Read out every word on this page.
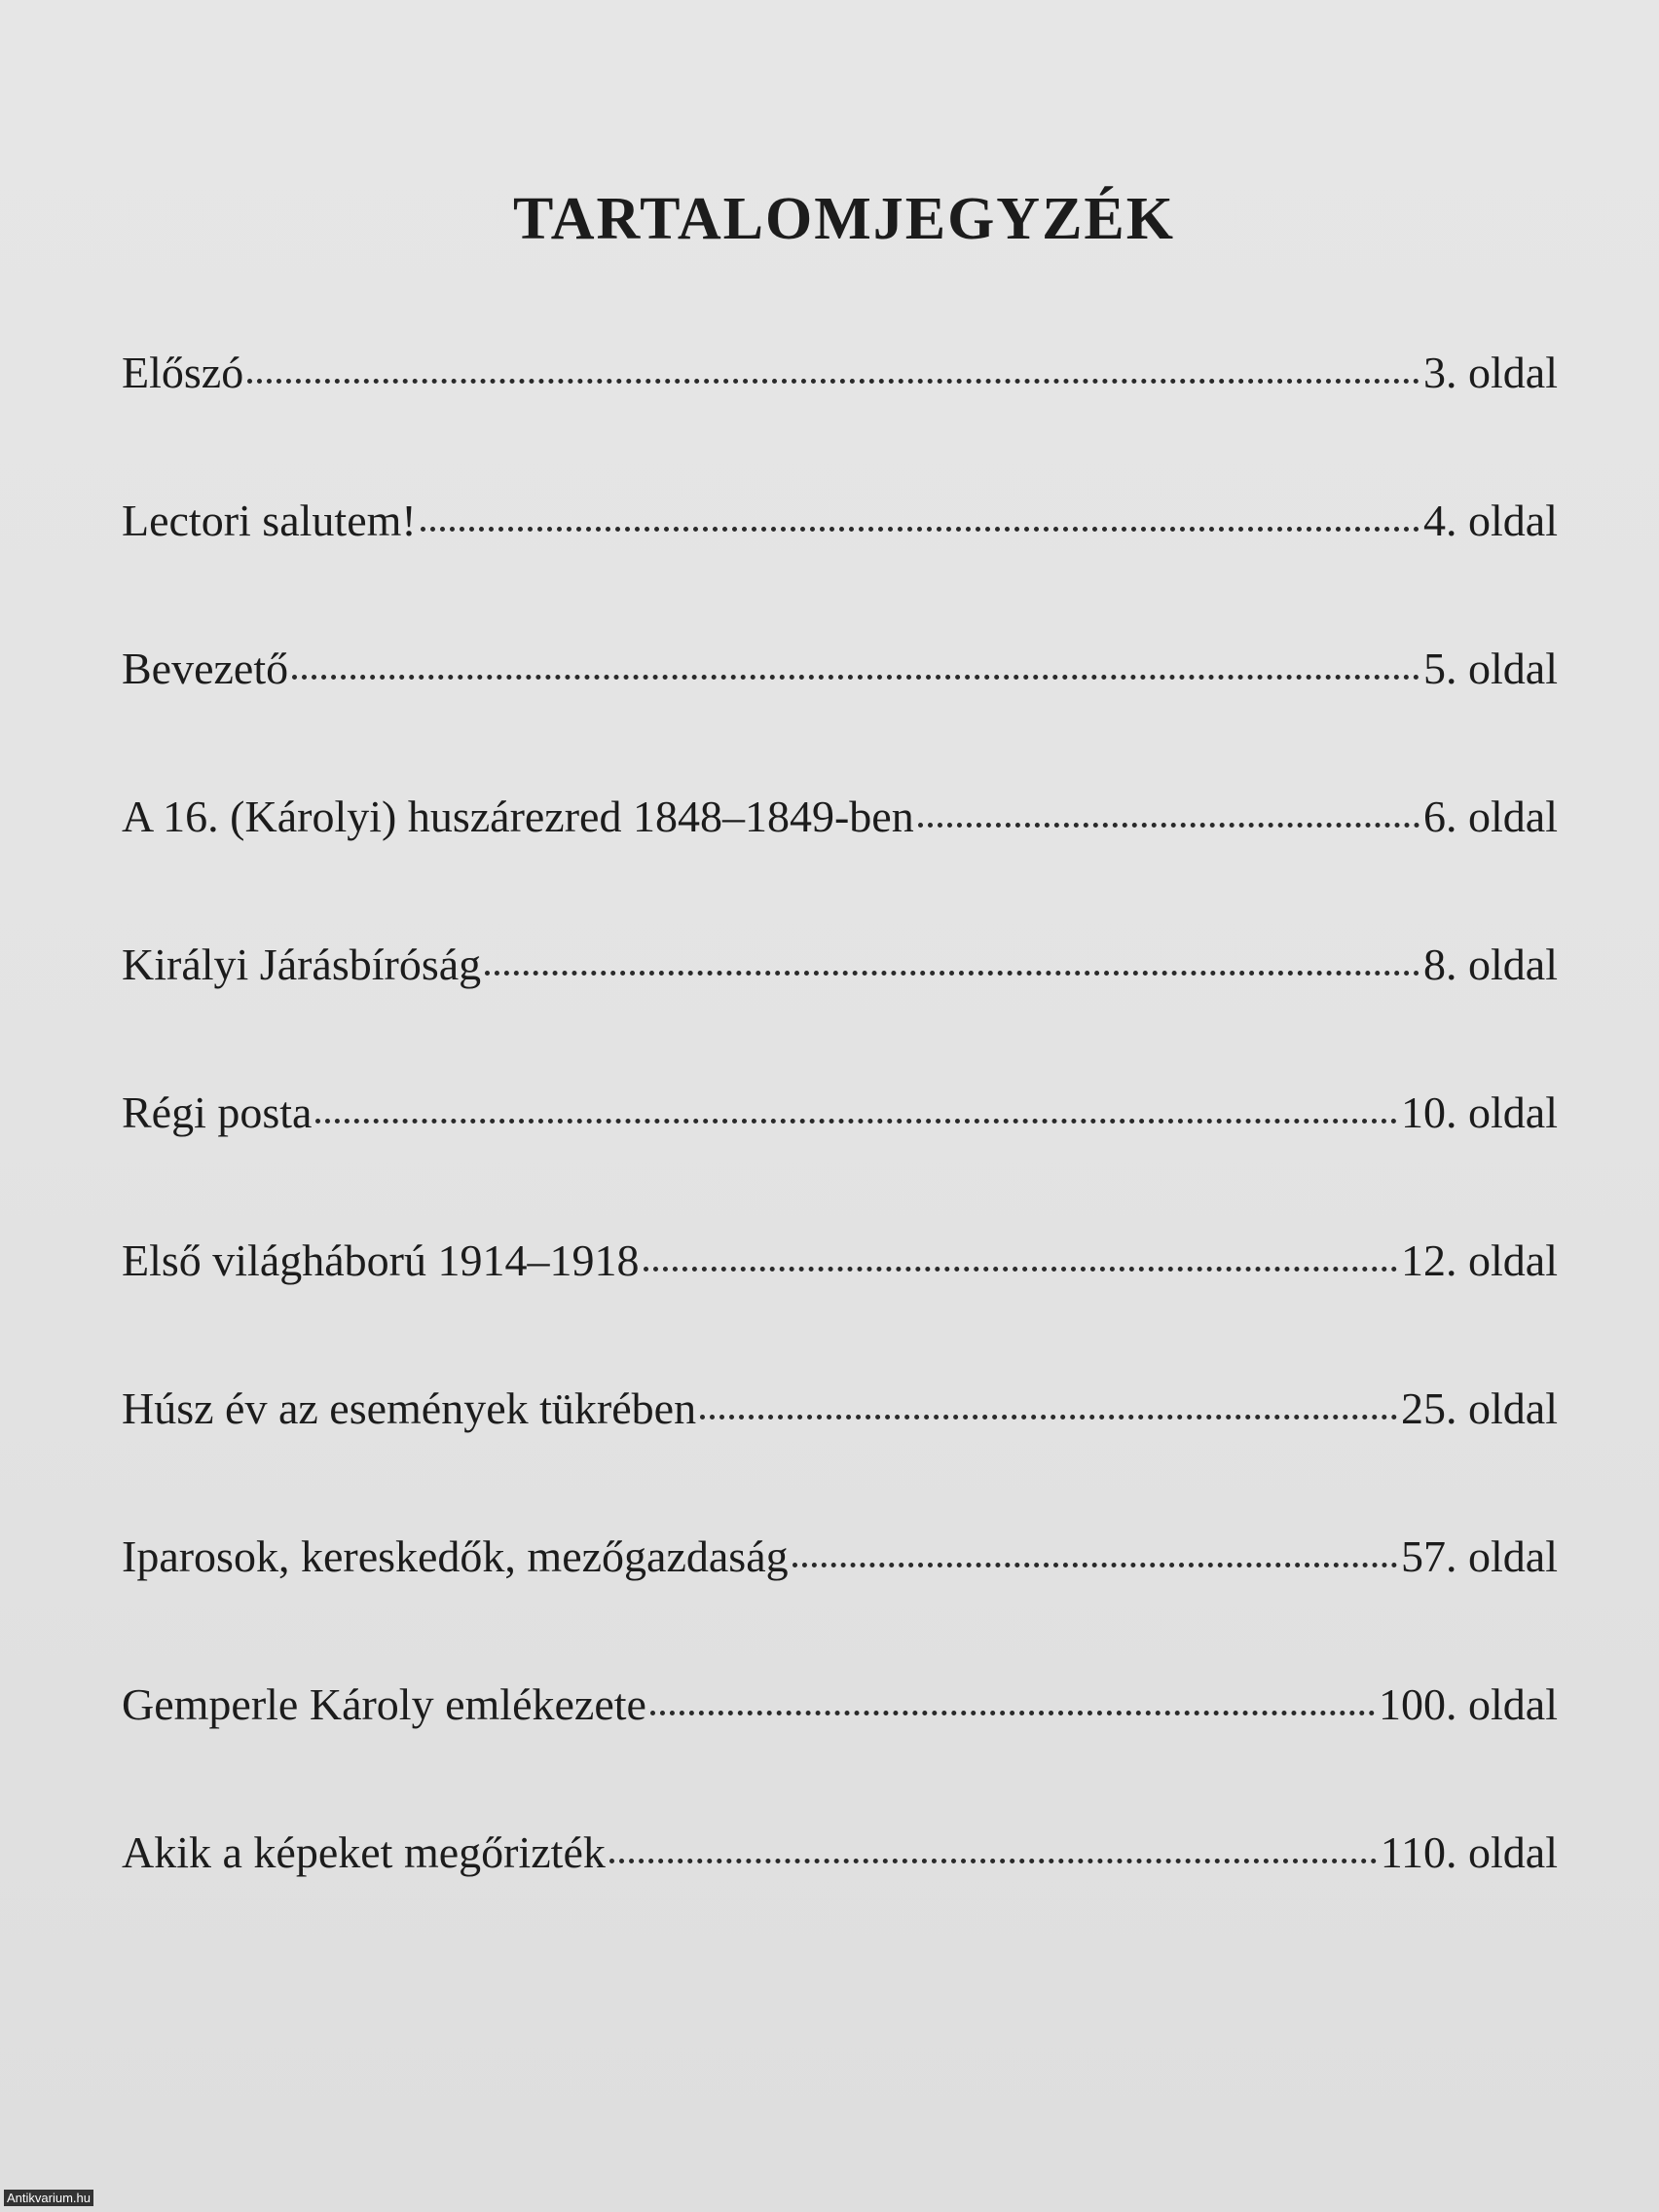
TARTALOMJEGYZÉK
Előszó	3. oldal
Lectori salutem!	4. oldal
Bevezető	5. oldal
A 16. (Károlyi) huszárezred 1848–1849-ben	6. oldal
Királyi Járásbíróság	8. oldal
Régi posta	10. oldal
Első világháború 1914–1918	12. oldal
Húsz év az események tükrében	25. oldal
Iparosok, kereskedők, mezőgazdaság	57. oldal
Gemperle Károly emlékezete	100. oldal
Akik a képeket megőrizték	110. oldal
Antikvarium.hu
